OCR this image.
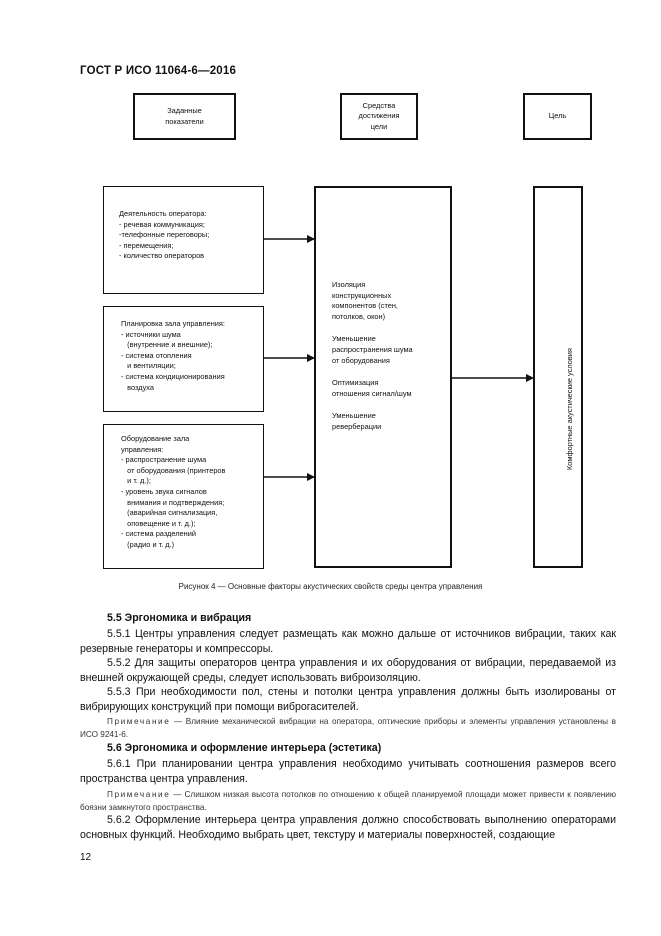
ГОСТ Р ИСО 11064-6—2016
Заданные
показатели
Средства
достижения
цели
Цель
Деятельность оператора:
- речевая коммуникация;
-телефонные переговоры;
- перемещения;
- количество операторов
Планировка зала управления:
- источники шума
(внутренние и внешние);
- система отопления
и вентиляции;
- система кондиционирования
воздуха
Оборудование зала
управления:
- распространение шума
от оборудования (принтеров
и т. д.);
- уровень звука сигналов
внимания и подтверждения;
(аварийная сигнализация,
оповещение и т. д.);
- система разделений
(радио и т. д.)
Изоляция
конструкционных
компонентов (стен,
потолков, окон)
Уменьшение
распространения шума
от оборудования
Оптимизация
отношения сигнал/шум
Уменьшение
реверберации	Комфортные акустические условия
Рисунок 4 — Основные факторы акустических свойств среды центра управления
5.5 Эргономика и вибрация
5.5.1 Центры управления следует размещать как можно дальше от источников вибрации, таких как резервные генераторы и компрессоры.
5.5.2 Для защиты операторов центра управления и их оборудования от вибрации, передаваемой из внешней окружающей среды, следует использовать виброизоляцию.
5.5.3 При необходимости пол, стены и потолки центра управления должны быть изолированы от вибрирующих конструкций при помощи виброгасителей.
Примечание — Влияние механической вибрации на оператора, оптические приборы и элементы управления установлены в ИСО 9241-6.
5.6 Эргономика и оформление интерьера (эстетика)
5.6.1 При планировании центра управления необходимо учитывать соотношения размеров всего пространства центра управления.
Примечание — Слишком низкая высота потолков по отношению к общей планируемой площади может привести к появлению боязни замкнутого пространства.
5.6.2 Оформление интерьера центра управления должно способствовать выполнению операторами основных функций. Необходимо выбрать цвет, текстуру и материалы поверхностей, создающие
12
